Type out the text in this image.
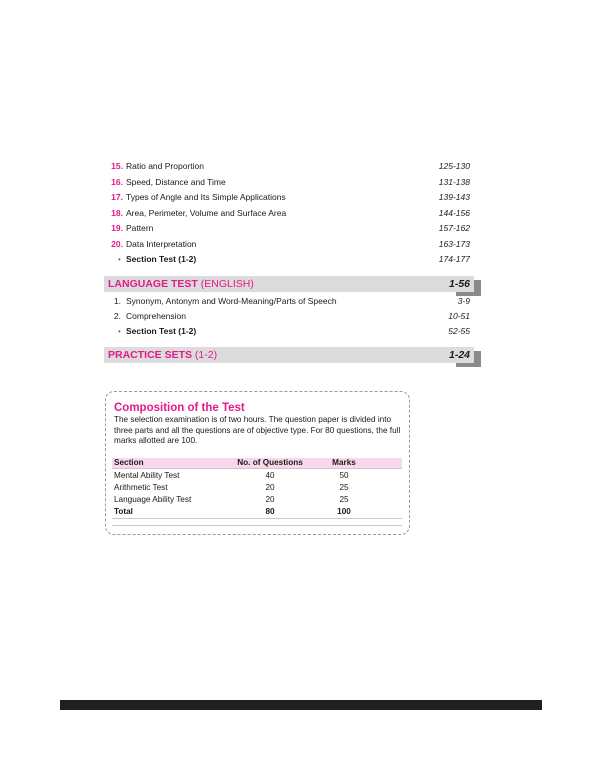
15. Ratio and Proportion	125-130
16. Speed, Distance and Time	131-138
17. Types of Angle and Its Simple Applications	139-143
18. Area, Perimeter, Volume and Surface Area	144-156
19. Pattern	157-162
20. Data Interpretation	163-173
• Section Test (1-2)	174-177
LANGUAGE TEST (ENGLISH)	1-56
1. Synonym, Antonym and Word-Meaning/Parts of Speech	3-9
2. Comprehension	10-51
• Section Test (1-2)	52-55
PRACTICE SETS (1-2)	1-24
Composition of the Test
The selection examination is of two hours. The question paper is divided into three parts and all the questions are of objective type. For 80 questions, the full marks allotted are 100.
Section	No. of Questions	Marks
Mental Ability Test	40	50
Arithmetic Test	20	25
Language Ability Test	20	25
Total	80	100
